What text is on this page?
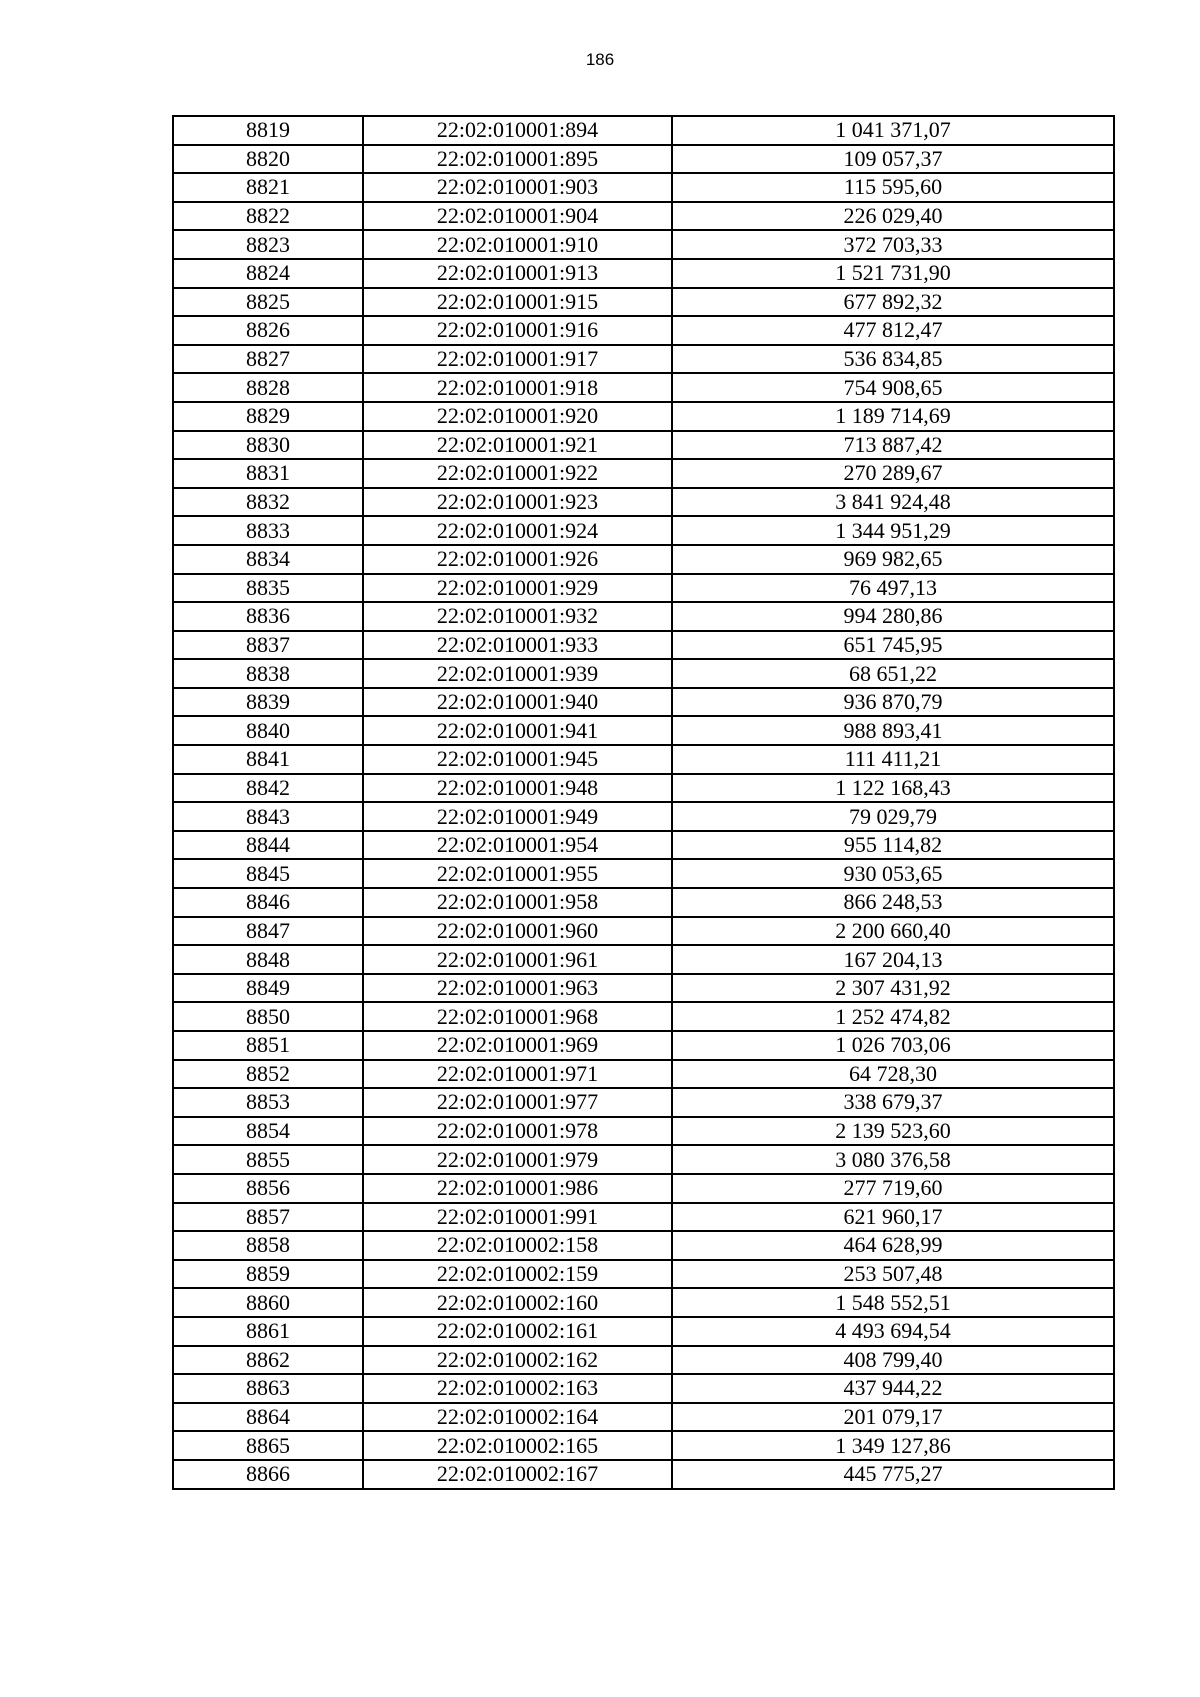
186
8819	22:02:010001:894	1 041 371,07
8820	22:02:010001:895	109 057,37
8821	22:02:010001:903	115 595,60
8822	22:02:010001:904	226 029,40
8823	22:02:010001:910	372 703,33
8824	22:02:010001:913	1 521 731,90
8825	22:02:010001:915	677 892,32
8826	22:02:010001:916	477 812,47
8827	22:02:010001:917	536 834,85
8828	22:02:010001:918	754 908,65
8829	22:02:010001:920	1 189 714,69
8830	22:02:010001:921	713 887,42
8831	22:02:010001:922	270 289,67
8832	22:02:010001:923	3 841 924,48
8833	22:02:010001:924	1 344 951,29
8834	22:02:010001:926	969 982,65
8835	22:02:010001:929	76 497,13
8836	22:02:010001:932	994 280,86
8837	22:02:010001:933	651 745,95
8838	22:02:010001:939	68 651,22
8839	22:02:010001:940	936 870,79
8840	22:02:010001:941	988 893,41
8841	22:02:010001:945	111 411,21
8842	22:02:010001:948	1 122 168,43
8843	22:02:010001:949	79 029,79
8844	22:02:010001:954	955 114,82
8845	22:02:010001:955	930 053,65
8846	22:02:010001:958	866 248,53
8847	22:02:010001:960	2 200 660,40
8848	22:02:010001:961	167 204,13
8849	22:02:010001:963	2 307 431,92
8850	22:02:010001:968	1 252 474,82
8851	22:02:010001:969	1 026 703,06
8852	22:02:010001:971	64 728,30
8853	22:02:010001:977	338 679,37
8854	22:02:010001:978	2 139 523,60
8855	22:02:010001:979	3 080 376,58
8856	22:02:010001:986	277 719,60
8857	22:02:010001:991	621 960,17
8858	22:02:010002:158	464 628,99
8859	22:02:010002:159	253 507,48
8860	22:02:010002:160	1 548 552,51
8861	22:02:010002:161	4 493 694,54
8862	22:02:010002:162	408 799,40
8863	22:02:010002:163	437 944,22
8864	22:02:010002:164	201 079,17
8865	22:02:010002:165	1 349 127,86
8866	22:02:010002:167	445 775,27
